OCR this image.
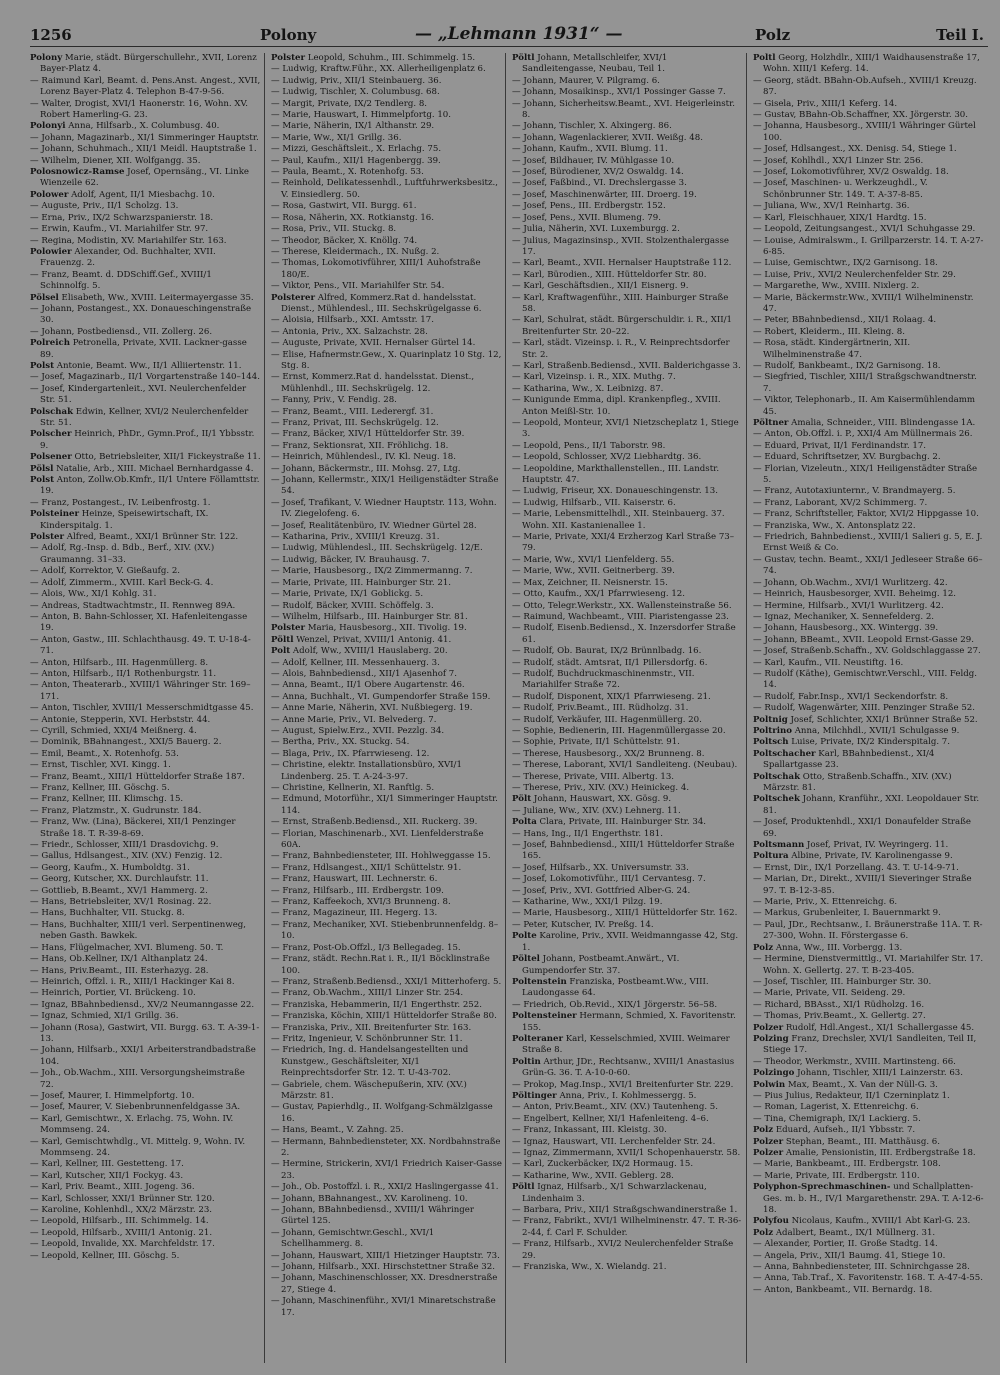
1256	Polony	— „Lehmann 1931“ —	Polz	Teil I.

Polony Marie, städt. Bürgerschullehr., XVII, Lorenz Bayer-Platz 4.

— Raimund Karl, Beamt. d. Pens.Anst. Angest., XVII, Lorenz Bayer-Platz 4. Telephon B-47-9-56.

— Walter, Drogist, XVI/1 Haonerstr. 16, Wohn. XV. Robert Hamerling-G. 23.

Polonyi Anna, Hilfsarb., X. Columbusg. 40.

— Johann, Magazinarb., XI/1 Simmeringer Hauptstr.

— Johann, Schuhmach., XII/1 Meidl. Hauptstraße 1.

— Wilhelm, Diener, XII. Wolfgangg. 35.

Polosnowicz-Ramse Josef, Opernsäng., VI. Linke Wienzeile 62.

Polower Adolf, Agent, II/1 Miesbachg. 10.

— Auguste, Priv., II/1 Scholzg. 13.

— Erna, Priv., IX/2 Schwarzspanierstr. 18.

— Erwin, Kaufm., VI. Mariahilfer Str. 97.

— Regina, Modistin, XV. Mariahilfer Str. 163.

Polowier Alexander, Od. Buchhalter, XVII. Frauenzg. 2.

— Franz, Beamt. d. DDSchiff.Gef., XVIII/1 Schinnolfg. 5.

Pölsel Elisabeth, Ww., XVIII. Leitermayergasse 35.

— Johann, Postangest., XX. Donaueschingenstraße 30.

— Johann, Postbediensd., VII. Zollerg. 26.

Polreich Petronella, Private, XVII. Lackner-gasse 89.

Polst Antonie, Beamt. Ww., II/1 Alliiertenstr. 11.

— Josef, Magazinarb., II/1 Vorgartenstraße 140–144.

— Josef, Kindergartenleit., XVI. Neulerchenfelder Str. 51.

Polschak Edwin, Kellner, XVI/2 Neulerchenfelder Str. 51.

Polscher Heinrich, PhDr., Gymn.Prof., II/1 Ybbsstr. 9.

Polsener Otto, Betriebsleiter, XII/1 Fickeystraße 11.

Pölsl Natalie, Arb., XIII. Michael Bernhardgasse 4.

Polst Anton, Zollw.Ob.Kmfr., II/1 Untere Föllamttstr. 19.

— Franz, Postangest., IV. Leibenfrostg. 1.

Polsteiner Heinze, Speisewirtschaft, IX. Kinderspitalg. 1.

Polster Alfred, Beamt., XXI/1 Brünner Str. 122.

— Adolf, Rg.-Insp. d. Bdb., Berf., XIV. (XV.) Graumanng. 31–33.

— Adolf, Korrektor, V. Gießaufg. 2.

— Adolf, Zimmerm., XVIII. Karl Beck-G. 4.

— Alois, Ww., XI/1 Kohlg. 31.

— Andreas, Stadtwachtmstr., II. Rennweg 89A.

— Anton, B. Bahn-Schlosser, XI. Hafenleitengasse 19.

— Anton, Gastw., III. Schlachthausg. 49. T. U-18-4-71.

— Anton, Hilfsarb., III. Hagenmüllerg. 8.

— Anton, Hilfsarb., II/1 Rothenburgstr. 11.

— Anton, Theaterarb., XVIII/1 Währinger Str. 169–171.

— Anton, Tischler, XVIII/1 Messerschmidtgasse 45.

— Antonie, Stepperin, XVI. Herbststr. 44.

— Cyrill, Schmied, XXI/4 Meißnerg. 4.

— Dominik, BBahnangest., XXI/5 Bauerg. 2.

— Emil, Beamt., X. Rotenhofg. 53.

— Ernst, Tischler, XVI. Kingg. 1.

— Franz, Beamt., XIII/1 Hütteldorfer Straße 187.

— Franz, Kellner, III. Göschg. 5.

— Franz, Kellner, III. Klimschg. 15.

— Franz, Platzmstr., X. Gudrunstr. 184.

— Franz, Ww. (Lina), Bäckerei, XII/1 Penzinger Straße 18. T. R-39-8-69.

— Friedr., Schlosser, XIII/1 Drasdovichg. 9.

— Gallus, Hdlsangest., XIV. (XV.) Fenzig. 12.

— Georg, Kaufm., X. Humboldtg. 31.

— Georg, Kutscher, XX. Durchlaufstr. 11.

— Gottlieb, B.Beamt., XV/1 Hammerg. 2.

— Hans, Betriebsleiter, XV/1 Rosinag. 22.

— Hans, Buchhalter, VII. Stuckg. 8.

— Hans, Buchhalter, XIII/1 verl. Serpentinenweg, neben Gasth. Bawkek.

— Hans, Flügelmacher, XVI. Blumeng. 50. T.

— Hans, Ob.Kellner, IX/1 Althanplatz 24.

— Hans, Priv.Beamt., III. Esterhazyg. 28.

— Heinrich, Offzl. i. R., XIII/1 Hackinger Kai 8.

— Heinrich, Portier, VI. Brückeng. 10.

— Ignaz, BBahnbediensd., XV/2 Neumanngasse 22.

— Ignaz, Schmied, XI/1 Grillg. 36.

— Johann (Rosa), Gastwirt, VII. Burgg. 63. T. A-39-1-13.

— Johann, Hilfsarb., XXI/1 Arbeiterstrandbadstraße 104.

— Joh., Ob.Wachm., XIII. Versorgungsheimstraße 72.

— Josef, Maurer, I. Himmelpfortg. 10.

— Josef, Maurer, V. Siebenbrunnenfeldgasse 3A.

— Karl, Gemischtwr., X. Erlachg. 75, Wohn. IV. Mommseng. 24.

— Karl, Gemischtwhdlg., VI. Mittelg. 9, Wohn. IV. Mommseng. 24.

— Karl, Kellner, III. Gestetteng. 17.

— Karl, Kutscher, XII/1 Fockyg. 43.

— Karl, Priv. Beamt., XIII. Jogeng. 36.

— Karl, Schlosser, XXI/1 Brünner Str. 120.

— Karoline, Kohlenhdl., XX/2 Märzstr. 23.

— Leopold, Hilfsarb., III. Schimmelg. 14.

— Leopold, Hilfsarb., XVIII/1 Antonig. 21.

— Leopold, Invalide, XX. Marchfeldstr. 17.

— Leopold, Kellner, III. Göschg. 5.

Polster Leopold, Schuhm., III. Schimmelg. 15.

— Ludwig, Kraftw.Führ., XX. Allerheiligenplatz 6.

— Ludwig, Priv., XII/1 Steinbauerg. 36.

— Ludwig, Tischler, X. Columbusg. 68.

— Margit, Private, IX/2 Tendlerg. 8.

— Marie, Hauswart, I. Himmelpfortg. 10.

— Marie, Näherin, IX/1 Althanstr. 29.

— Marie, Ww., XI/1 Grillg. 36.

— Mizzi, Geschäftsleit., X. Erlachg. 75.

— Paul, Kaufm., XII/1 Hagenbergg. 39.

— Paula, Beamt., X. Rotenhofg. 53.

— Reinhold, Delikatessenhdl., Luftfuhrwerksbesitz., V. Einsiedlerg. 50.

— Rosa, Gastwirt, VII. Burgg. 61.

— Rosa, Näherin, XX. Rotkianstg. 16.

— Rosa, Priv., VII. Stuckg. 8.

— Theodor, Bäcker, X. Knöllg. 74.

— Therese, Kleidermach., IX. Nußg. 2.

— Thomas, Lokomotivführer, XIII/1 Auhofstraße 180/E.

— Viktor, Pens., VII. Mariahilfer Str. 54.

Polsterer Alfred, Kommerz.Rat d. handelsstat. Dienst., Mühlendesl., III. Sechskrügelgasse 6.

— Aloisia, Hilfsarb., XXI. Amtsstr. 17.

— Antonia, Priv., XX. Salzachstr. 28.

— Auguste, Private, XVII. Hernalser Gürtel 14.

— Elise, Hafnermstr.Gew., X. Quarinplatz 10 Stg. 12, Stg. 8.

— Ernst, Kommerz.Rat d. handelsstat. Dienst., Mühlenhdl., III. Sechskrügelg. 12.

— Fanny, Priv., V. Fendig. 28.

— Franz, Beamt., VIII. Lederergf. 31.

— Franz, Privat, III. Sechskrügelg. 12.

— Franz, Bäcker, XIV/1 Hütteldorfer Str. 39.

— Franz, Sektionsrat, XII. Fröhlichg. 18.

— Heinrich, Mühlendesl., IV. Kl. Neug. 18.

— Johann, Bäckermstr., III. Mohsg. 27, Ltg.

— Johann, Kellermstr., XIX/1 Heiligenstädter Straße 54.

— Josef, Trafikant, V. Wiedner Hauptstr. 113, Wohn. IV. Ziegelofeng. 6.

— Josef, Realitätenbüro, IV. Wiedner Gürtel 28.

— Katharina, Priv., XVIII/1 Kreuzg. 31.

— Ludwig, Mühlendesl., III. Sechskrügelg. 12/E.

— Ludwig, Bäcker, IV. Brauhausg. 7.

— Marie, Hausbesorg., IX/2 Zimmermanng. 7.

— Marie, Private, III. Hainburger Str. 21.

— Marie, Private, IX/1 Goblickg. 5.

— Rudolf, Bäcker, XVIII. Schöffelg. 3.

— Wilhelm, Hilfsarb., III. Hainburger Str. 81.

Polster Maria, Hausbesorg., XII. Tivolig. 19.

Pöltl Wenzel, Privat, XVIII/1 Antonig. 41.

Polt Adolf, Ww., XVIII/1 Hauslaberg. 20.

— Adolf, Kellner, III. Messenhauerg. 3.

— Alois, Bahnbediensd., XII/1 Ajasenhof 7.

— Anna, Beamt., II/1 Obere Augartenstr. 46.

— Anna, Buchhalt., VI. Gumpendorfer Straße 159.

— Anne Marie, Näherin, XVI. Nußbiegerg. 19.

— Anne Marie, Priv., VI. Belvederg. 7.

— August, Spielw.Erz., XVII. Pezzlg. 34.

— Bertha, Priv., XX. Stuckg. 54.

— Blaga, Priv., IX. Pfarrwieseng. 12.

— Christine, elektr. Installationsbüro, XVI/1 Lindenberg. 25. T. A-24-3-97.

— Christine, Kellnerin, XI. Ranftlg. 5.

— Edmund, Motorführ., XI/1 Simmeringer Hauptstr. 114.

— Ernst, Straßenb.Bediensd., XII. Ruckerg. 39.

— Florian, Maschinenarb., XVI. Lienfelderstraße 60A.

— Franz, Bahnbediensteter, III. Hohlweggasse 15.

— Franz, Hdlsangest., XII/1 Schüttelstr. 91.

— Franz, Hauswart, III. Lechnerstr. 6.

— Franz, Hilfsarb., III. Erdbergstr. 109.

— Franz, Kaffeekoch, XVI/3 Brunneng. 8.

— Franz, Magazineur, III. Hegerg. 13.

— Franz, Mechaniker, XVI. Stiebenbrunnenfeldg. 8–10.

— Franz, Post-Ob.Offzl., I/3 Bellegadeg. 15.

— Franz, städt. Rechn.Rat i. R., II/1 Böcklinstraße 100.

— Franz, Straßenb.Bediensd., XXI/1 Mitterhoferg. 5.

— Franz, Ob.Wachm., XIII/1 Linzer Str. 254.

— Franziska, Hebammerin, II/1 Engerthstr. 252.

— Franziska, Köchin, XIII/1 Hütteldorfer Straße 80.

— Franziska, Priv., XII. Breitenfurter Str. 163.

— Fritz, Ingenieur, V. Schönbrunner Str. 11.

— Friedrich, Ing. d. Handelsangestellten und Kunstgew., Geschäftsleiter, XI/1 Reinprechtsdorfer Str. 12. T. U-43-702.

— Gabriele, chem. Wäschepußerin, XIV. (XV.) Märzstr. 81.

— Gustav, Papierhdlg., II. Wolfgang-Schmälzlgasse 16.

— Hans, Beamt., V. Zahng. 25.

— Hermann, Bahnbediensteter, XX. Nordbahnstraße 2.

— Hermine, Strickerin, XVI/1 Friedrich Kaiser-Gasse 23.

— Joh., Ob. Postoffzl. i. R., XXI/2 Haslingergasse 41.

— Johann, BBahnangest., XV. Karolineng. 10.

— Johann, BBahnbediensd., XVIII/1 Währinger Gürtel 125.

— Johann, Gemischtwr.Geschl., XVI/1 Schellhammerg. 8.

— Johann, Hauswart, XIII/1 Hietzinger Hauptstr. 73.

— Johann, Hilfsarb., XXI. Hirschstettner Straße 32.

— Johann, Maschinenschlosser, XX. Dresdnerstraße 27, Stiege 4.

— Johann, Maschinenführ., XVI/1 Minaretschstraße 17.

Pöltl Johann, Metallschleifer, XVI/1 Sandleitengasse, Neubau, Teil 1.

— Johann, Maurer, V. Pilgramg. 6.

— Johann, Mosaikinsp., XVI/1 Possinger Gasse 7.

— Johann, Sicherheitsw.Beamt., XVI. Heigerleinstr. 8.

— Johann, Tischler, X. Alxingerg. 86.

— Johann, Wagenlackierer, XVII. Weißg. 48.

— Johann, Kaufm., XVII. Blumg. 11.

— Josef, Bildhauer, IV. Mühlgasse 10.

— Josef, Bürodiener, XV/2 Oswaldg. 14.

— Josef, Faßbind., VI. Drechslergasse 3.

— Josef, Maschinenwärter, III. Droerg. 19.

— Josef, Pens., III. Erdbergstr. 152.

— Josef, Pens., XVII. Blumeng. 79.

— Julia, Näherin, XVI. Luxemburgg. 2.

— Julius, Magazinsinsp., XVII. Stolzenthalergasse 17.

— Karl, Beamt., XVII. Hernalser Hauptstraße 112.

— Karl, Bürodien., XIII. Hütteldorfer Str. 80.

— Karl, Geschäftsdien., XII/1 Eisnerg. 9.

— Karl, Kraftwagenführ., XIII. Hainburger Straße 58.

— Karl, Schulrat, städt. Bürgerschuldir. i. R., XII/1 Breitenfurter Str. 20–22.

— Karl, städt. Vizeinsp. i. R., V. Reinprechtsdorfer Str. 2.

— Karl, Straßenb.Bediensd., XVII. Balderichgasse 3.

— Karl, Vizeinsp. i. R., XIX. Muthg. 7.

— Katharina, Ww., X. Leibnizg. 87.

— Kunigunde Emma, dipl. Krankenpfleg., XVIII. Anton Meißl-Str. 10.

— Leopold, Monteur, XVI/1 Nietzscheplatz 1, Stiege 3.

— Leopold, Pens., II/1 Taborstr. 98.

— Leopold, Schlosser, XV/2 Liebhardtg. 36.

— Leopoldine, Markthallenstellen., III. Landstr. Hauptstr. 47.

— Ludwig, Friseur, XX. Donaueschingenstr. 13.

— Ludwig, Hilfsarb., VII. Kaiserstr. 6.

— Marie, Lebensmittelhdl., XII. Steinbauerg. 37. Wohn. XII. Kastanienallee 1.

— Marie, Private, XXI/4 Erzherzog Karl Straße 73–79.

— Marie, Ww., XVI/1 Lienfelderg. 55.

— Marie, Ww., XVII. Geitnerberg. 39.

— Max, Zeichner, II. Neisnerstr. 15.

— Otto, Kaufm., XX/1 Pfarrwieseng. 12.

— Otto, Telegr.Werkstr., XX. Wallensteinstraße 56.

— Raimund, Wachbeamt., VIII. Piaristengasse 23.

— Rudolf, Eisenb.Bediensd., X. Inzersdorfer Straße 61.

— Rudolf, Ob. Baurat, IX/2 Brünnlbadg. 16.

— Rudolf, städt. Amtsrat, II/1 Pillersdorfg. 6.

— Rudolf, Buchdruckmaschinenmstr., VII. Mariahilfer Straße 72.

— Rudolf, Disponent, XIX/1 Pfarrwieseng. 21.

— Rudolf, Priv.Beamt., III. Rüdholzg. 31.

— Rudolf, Verkäufer, III. Hagenmüllerg. 20.

— Sophie, Bedienerin, III. Hagenmüllergasse 20.

— Sophie, Private, II/1 Schüttelstr. 91.

— Therese, Hausbesorg., XX/2 Brunneng. 8.

— Therese, Laborant, XVI/1 Sandleiteng. (Neubau).

— Therese, Private, VIII. Albertg. 13.

— Therese, Priv., XIV. (XV.) Heinickeg. 4.

Pölt Johann, Hauswart, XX. Gösg. 9.

— Juliane, Ww., XIV. (XV.) Lehnerg. 11.

Polta Clara, Private, III. Hainburger Str. 34.

— Hans, Ing., II/1 Engerthstr. 181.

— Josef, Bahnbediensd., XIII/1 Hütteldorfer Straße 165.

— Josef, Hilfsarb., XX. Universumstr. 33.

— Josef, Lokomotivführ., III/1 Cervantesg. 7.

— Josef, Priv., XVI. Gottfried Alber-G. 24.

— Katharine, Ww., XXI/1 Pilzg. 19.

— Marie, Hausbesorg., XIII/1 Hütteldorfer Str. 162.

— Peter, Kutscher, IV. Preßg. 14.

Polte Karoline, Priv., XVII. Weidmanngasse 42, Stg. 1.

Pöltel Johann, Postbeamt.Anwärt., VI. Gumpendorfer Str. 37.

Poltenstein Franziska, Postbeamt.Ww., VIII. Laudongasse 64.

— Friedrich, Ob.Revid., XIX/1 Jörgerstr. 56–58.

Poltensteiner Hermann, Schmied, X. Favoritenstr. 155.

Polteraner Karl, Kesselschmied, XVIII. Weimarer Straße 8.

Poltin Arthur, JDr., Rechtsanw., XVIII/1 Anastasius Grün-G. 36. T. A-10-0-60.

— Prokop, Mag.Insp., XVI/1 Breitenfurter Str. 229.

Pöltinger Anna, Priv., I. Kohlmessergg. 5.

— Anton, Priv.Beamt., XIV. (XV.) Tautenheng. 5.

— Engelbert, Kellner, XI/1 Hafenleiteng. 4–6.

— Franz, Inkassant, III. Kleistg. 30.

— Ignaz, Hauswart, VII. Lerchenfelder Str. 24.

— Ignaz, Zimmermann, XVII/1 Schopenhauerstr. 58.

— Karl, Zuckerbäcker, IX/2 Hormaug. 15.

— Katharine, Ww., XVII. Geblerg. 28.

Pöltl Ignaz, Hilfsarb., X/1 Schwarzlackenau, Lindenhaim 3.

— Barbara, Priv., XII/1 Straßgschwandinerstraße 1.

— Franz, Fabrikt., XVI/1 Wilhelminenstr. 47. T. R-36-2-44, f. Carl F. Schulder.

— Franz, Hilfsarb., XVI/2 Neulerchenfelder Straße 29.

— Franziska, Ww., X. Wielandg. 21.

Poltl Georg, Holzhdlr., XIII/1 Waidhausenstraße 17, Wohn. XIII/1 Keferg. 14.

— Georg, städt. BBahn-Ob.Aufseh., XVIII/1 Kreuzg. 87.

— Gisela, Priv., XIII/1 Keferg. 14.

— Gustav, BBahn-Ob.Schaffner, XX. Jörgerstr. 30.

— Johanna, Hausbesorg., XVIII/1 Währinger Gürtel 100.

— Josef, Hdlsangest., XX. Denisg. 54, Stiege 1.

— Josef, Kohlhdl., XX/1 Linzer Str. 256.

— Josef, Lokomotivführer, XV/2 Oswaldg. 18.

— Josef, Maschinen- u. Werkzeughdl., V. Schönbrunner Str. 149. T. A-37-8-85.

— Juliana, Ww., XV/1 Reinhartg. 36.

— Karl, Fleischhauer, XIX/1 Hardtg. 15.

— Leopold, Zeitungsangest., XVI/1 Schuhgasse 29.

— Louise, Admiralswm., I. Grillparzerstr. 14. T. A-27-6-85.

— Luise, Gemischtwr., IX/2 Garnisong. 18.

— Luise, Priv., XVI/2 Neulerchenfelder Str. 29.

— Margarethe, Ww., XVIII. Nixlerg. 2.

— Marie, Bäckermstr.Ww., XVIII/1 Wilhelminenstr. 47.

— Peter, BBahnbediensd., XII/1 Rolaag. 4.

— Robert, Kleiderm., III. Kleing. 8.

— Rosa, städt. Kindergärtnerin, XII. Wilhelminenstraße 47.

— Rudolf, Bankbeamt., IX/2 Garnisong. 18.

— Siegfried, Tischler, XIII/1 Straßgschwandtnerstr. 7.

— Viktor, Telephonarb., II. Am Kaisermühlendamm 45.

Pöltner Amalia, Schneider., VIII. Blindengasse 1A.

— Anton, Ob.Offzl. i. P., XXI/4 Am Müllnermais 26.

— Eduard, Privat, II/1 Ferdinandstr. 17.

— Eduard, Schriftsetzer, XV. Burgbachg. 2.

— Florian, Vizeleutn., XIX/1 Heiligenstädter Straße 5.

— Franz, Autotaxiunternr., V. Brandmayerg. 5.

— Franz, Laborant, XV/2 Schimmerg. 7.

— Franz, Schriftsteller, Faktor, XVI/2 Hippgasse 10.

— Franziska, Ww., X. Antonsplatz 22.

— Friedrich, Bahnbedienst., XVIII/1 Salieri g. 5, E. J. Ernst Weiß & Co.

— Gustav, techn. Beamt., XXI/1 Jedleseer Straße 66–74.

— Johann, Ob.Wachm., XVI/1 Wurlitzerg. 42.

— Heinrich, Hausbesorger, XVII. Beheimg. 12.

— Hermine, Hilfsarb., XVI/1 Wurlitzerg. 42.

— Ignaz, Mechaniker, X. Sennefelderg. 2.

— Johann, Hausbesorg., XX. Wintergg. 39.

— Johann, BBeamt., XVII. Leopold Ernst-Gasse 29.

— Josef, Straßenb.Schaffn., XV. Goldschlaggasse 27.

— Karl, Kaufm., VII. Neustiftg. 16.

— Rudolf (Käthe), Gemischtwr.Verschl., VIII. Feldg. 14.

— Rudolf, Fabr.Insp., XVI/1 Seckendorfstr. 8.

— Rudolf, Wagenwärter, XIII. Penzinger Straße 52.

Poltnig Josef, Schlichter, XXI/1 Brünner Straße 52.

Poltrino Anna, Milchhdl., XVII/1 Schulgasse 9.

Poltsch Luise, Private, IX/2 Kinderspitalg. 7.

Poltschacher Karl, BBahnbedienst., XI/4 Spallartgasse 23.

Poltschak Otto, Straßenb.Schaffn., XIV. (XV.) Märzstr. 81.

Poltschek Johann, Kranführ., XXI. Leopoldauer Str. 81.

— Josef, Produktenhdl., XXI/1 Donaufelder Straße 69.

Poltsmann Josef, Privat, IV. Weyringerg. 11.

Poltura Albine, Private, IV. Karolinengasse 9.

— Ernst, Dir., IX/1 Porzellang. 43. T. U-14-9-71.

— Marian, Dr., Direkt., XVIII/1 Sieveringer Straße 97. T. B-12-3-85.

— Marie, Priv., X. Ettenreichg. 6.

— Markus, Grubenleiter, I. Bauernmarkt 9.

— Paul, JDr., Rechtsanw., I. Bräunerstraße 11A. T. R-27-300, Wohn. II. Förstergasse 6.

Polz Anna, Ww., III. Vorbergg. 13.

— Hermine, Dienstvermittlg., VI. Mariahilfer Str. 17. Wohn. X. Gellertg. 27. T. B-23-405.

— Josef, Tischler, III. Hainburger Str. 30.

— Marie, Private, VII. Seideng. 29.

— Richard, BBAsst., XI/1 Rüdholzg. 16.

— Thomas, Priv.Beamt., X. Gellertg. 27.

Polzer Rudolf, Hdl.Angest., XI/1 Schallergasse 45.

Polzing Franz, Drechsler, XVI/1 Sandleiten, Teil II, Stiege 17.

— Theodor, Werkmstr., XVIII. Martinsteng. 66.

Polzingo Johann, Tischler, XIII/1 Lainzerstr. 63.

Polwin Max, Beamt., X. Van der Nüll-G. 3.

— Pius Julius, Redakteur, II/1 Czerninplatz 1.

— Roman, Lagerist, X. Ettenreichg. 6.

— Tina, Chemigraph, IX/1 Lackierg. 5.

Polz Eduard, Aufseh., II/1 Ybbsstr. 7.

Polzer Stephan, Beamt., III. Matthäusg. 6.

Polzer Amalie, Pensionistin, III. Erdbergstraße 18.

— Marie, Bankbeamt., III. Erdbergstr. 108.

— Marie, Private, III. Erdbergstr. 110.

Polyphon-Sprechmaschinen- und Schallplatten-Ges. m. b. H., IV/1 Margarethenstr. 29A. T. A-12-6-18.

Polyfou Nicolaus, Kaufm., XVIII/1 Abt Karl-G. 23.

Polz Adalbert, Beamt., IX/1 Müllnerg. 31.

— Alexander, Portier, II. Große Stadtg. 14.

— Angela, Priv., XII/1 Baumg. 41, Stiege 10.

— Anna, Bahnbediensteter, III. Schnirchgasse 28.

— Anna, Tab.Traf., X. Favoritenstr. 168. T. A-47-4-55.

— Anton, Bankbeamt., VII. Bernardg. 18.
